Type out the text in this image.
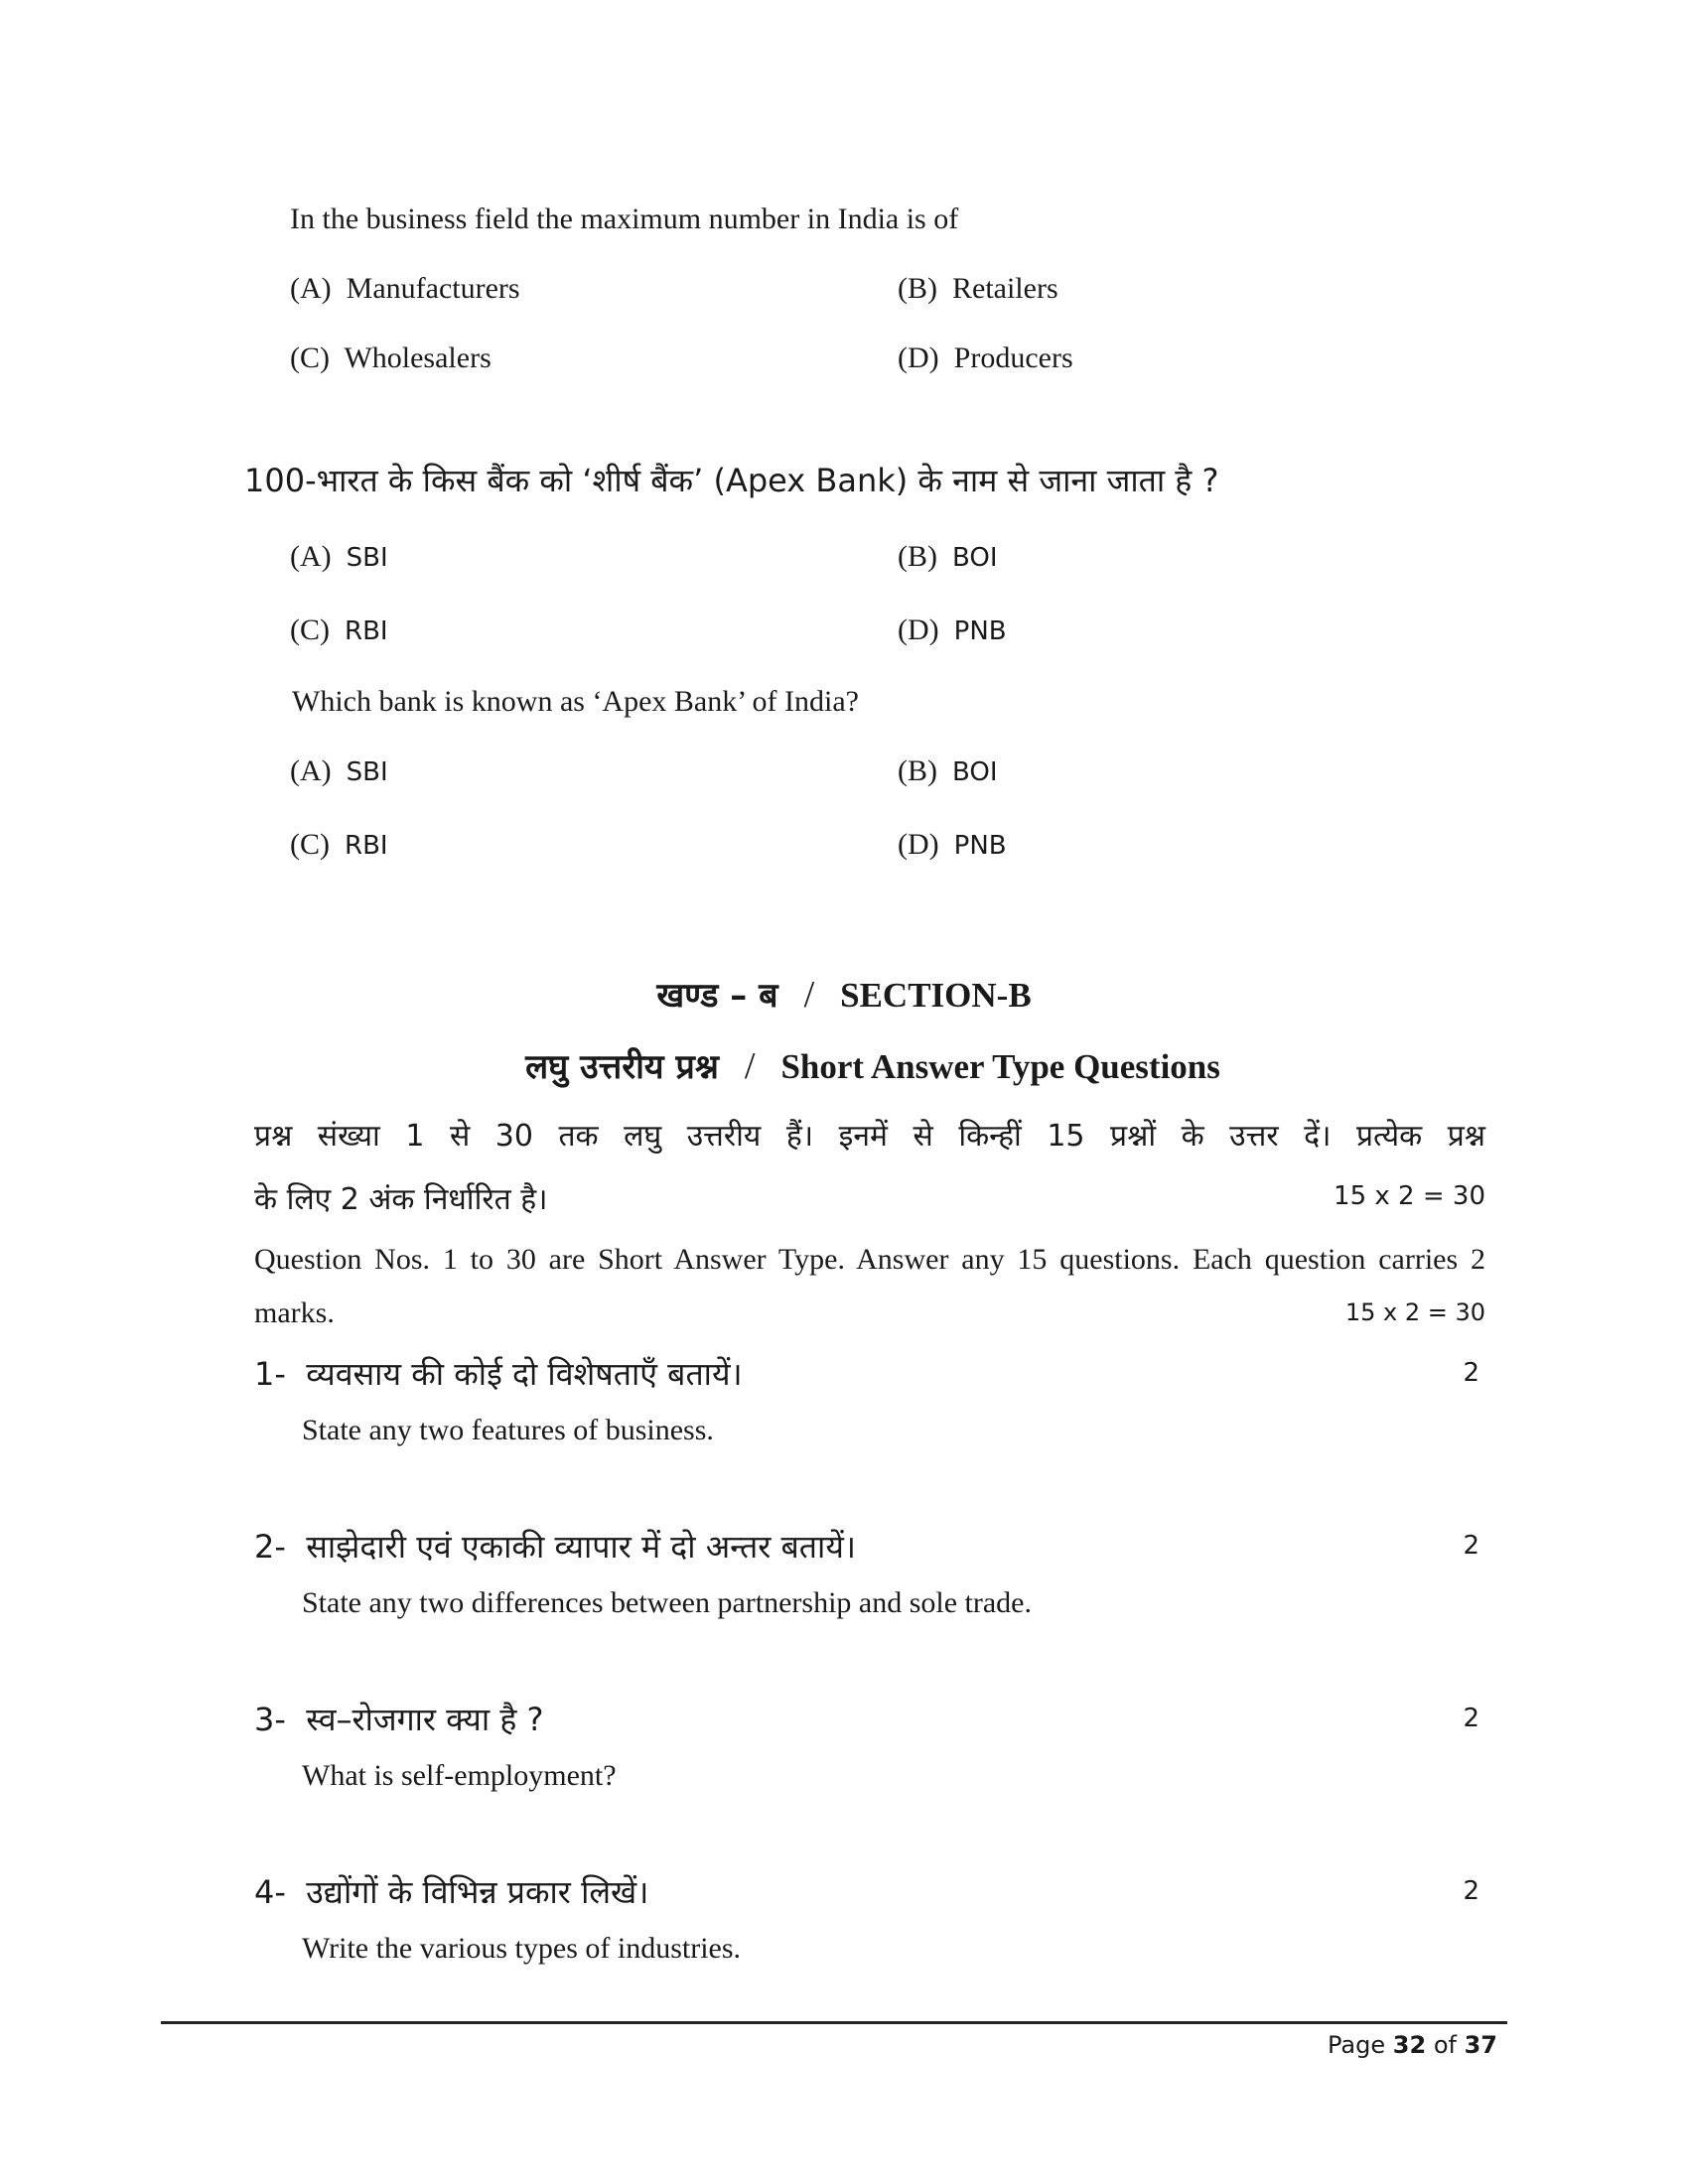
In the business field the maximum number in India is of
(A) Manufacturers	(B) Retailers
(C) Wholesalers	(D) Producers
100-भारत के किस बैंक को ‘शीर्ष बैंक’ (Apex Bank) के नाम से जाना जाता है ?
(A) SBI	(B) BOI
(C) RBI	(D) PNB
Which bank is known as ‘Apex Bank’ of India?
(A) SBI	(B) BOI
(C) RBI	(D) PNB
खण्ड – ब / SECTION-B
लघु उत्तरीय प्रश्न / Short Answer Type Questions
प्रश्न संख्या 1 से 30 तक लघु उत्तरीय हैं। इनमें से किन्हीं 15 प्रश्नों के उत्तर दें। प्रत्येक प्रश्न
के लिए 2 अंक निर्धारित है।	15 x 2 = 30
Question Nos. 1 to 30 are Short Answer Type. Answer any 15 questions. Each question carries 2
marks.	15 x 2 = 30
1- व्यवसाय की कोई दो विशेषताएँ बतायें।	2
State any two features of business.
2- साझेदारी एवं एकाकी व्यापार में दो अन्तर बतायें।	2
State any two differences between partnership and sole trade.
3- स्व–रोजगार क्या है ?	2
What is self-employment?
4- उद्योंगों के विभिन्न प्रकार लिखें।	2
Write the various types of industries.
Page 32 of 37
